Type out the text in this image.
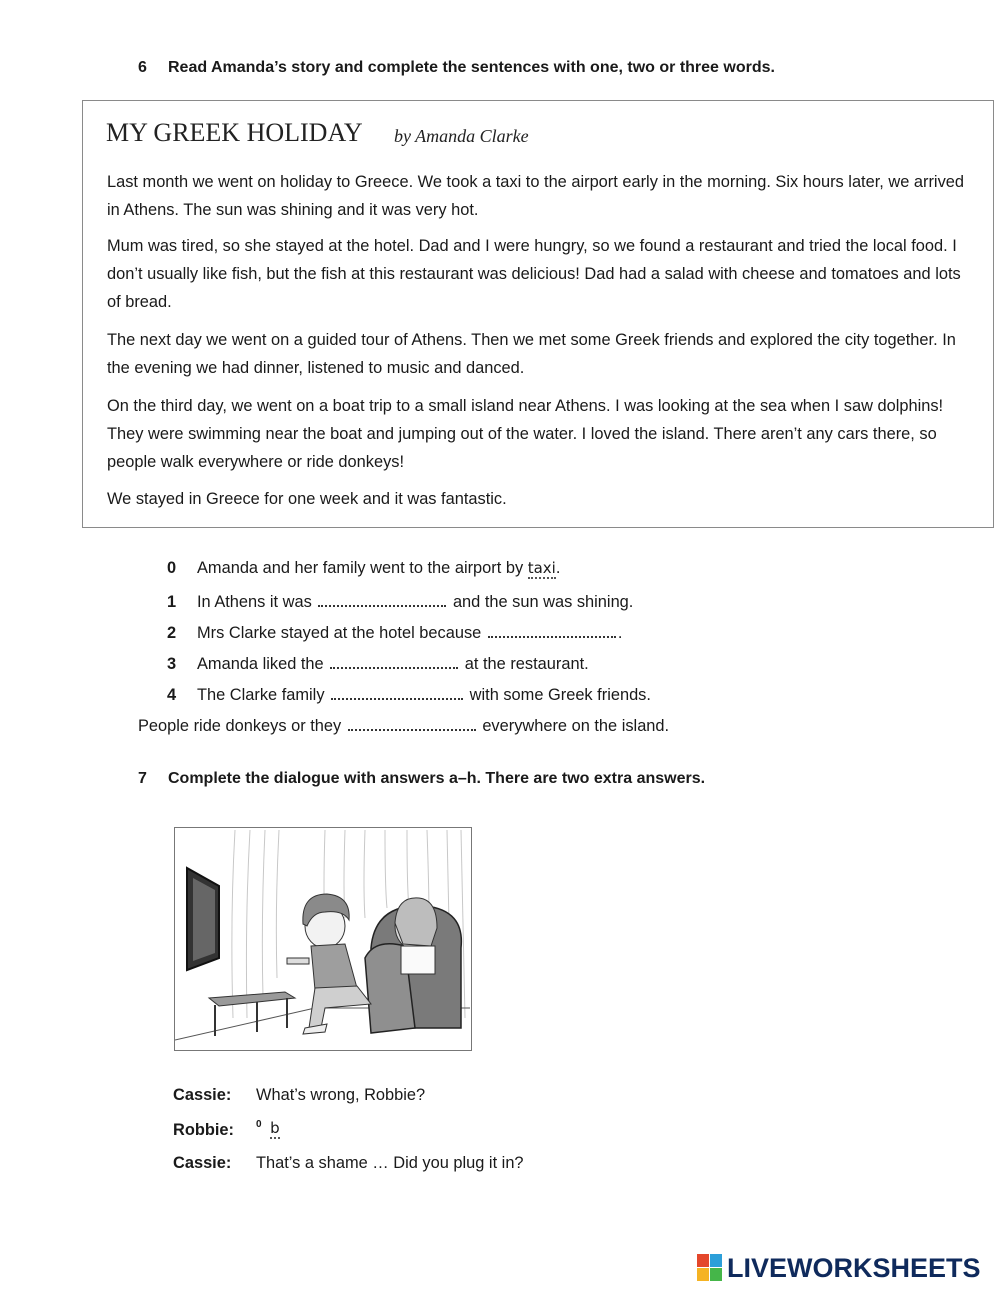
6 Read Amanda’s story and complete the sentences with one, two or three words.
MY GREEK HOLIDAY by Amanda Clarke

Last month we went on holiday to Greece. We took a taxi to the airport early in the morning. Six hours later, we arrived in Athens. The sun was shining and it was very hot.

Mum was tired, so she stayed at the hotel. Dad and I were hungry, so we found a restaurant and tried the local food. I don’t usually like fish, but the fish at this restaurant was delicious! Dad had a salad with cheese and tomatoes and lots of bread.

The next day we went on a guided tour of Athens. Then we met some Greek friends and explored the city together. In the evening we had dinner, listened to music and danced.

On the third day, we went on a boat trip to a small island near Athens. I was looking at the sea when I saw dolphins! They were swimming near the boat and jumping out of the water. I loved the island. There aren’t any cars there, so people walk everywhere or ride donkeys!

We stayed in Greece for one week and it was fantastic.

0 Amanda and her family went to the airport by taxi.
1 In Athens it was	and the sun was shining.
2 Mrs Clarke stayed at the hotel because	.
3 Amanda liked the	at the restaurant.
4 The Clarke family	with some Greek friends.
People ride donkeys or they	everywhere on the island.
7 Complete the dialogue with answers a–h. There are two extra answers.
Cassie: What’s wrong, Robbie?
Robbie: $^0$ b
Cassie: That’s a shame … Did you plug it in?
LIVEWORKSHEETS
